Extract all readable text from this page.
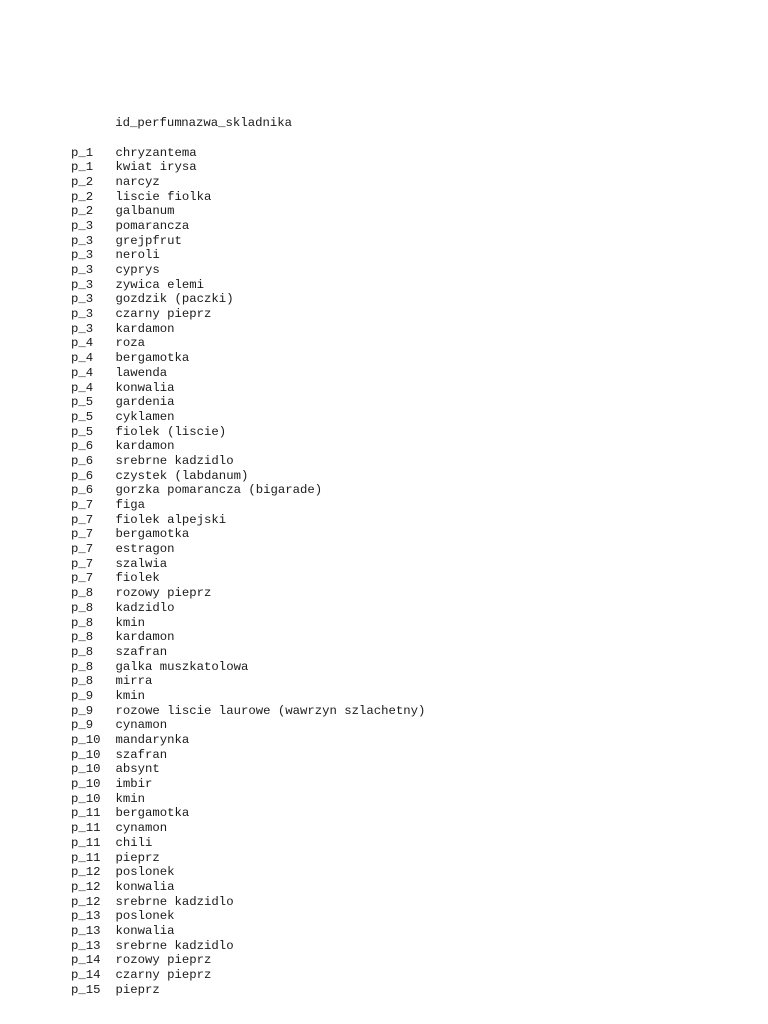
id_perfumnazwa_skladnika

p_1 chryzantema
p_1 kwiat irysa
p_2 narcyz
p_2 liscie fiolka
p_2 galbanum
p_3 pomarancza
p_3 grejpfrut
p_3 neroli
p_3 cyprys
p_3 zywica elemi
p_3 gozdzik (paczki)
p_3 czarny pieprz
p_3 kardamon
p_4 roza
p_4 bergamotka
p_4 lawenda
p_4 konwalia
p_5 gardenia
p_5 cyklamen
p_5 fiolek (liscie)
p_6 kardamon
p_6 srebrne kadzidlo
p_6 czystek (labdanum)
p_6 gorzka pomarancza (bigarade)
p_7 figa
p_7 fiolek alpejski
p_7 bergamotka
p_7 estragon
p_7 szalwia
p_7 fiolek
p_8 rozowy pieprz
p_8 kadzidlo
p_8 kmin
p_8 kardamon
p_8 szafran
p_8 galka muszkatolowa
p_8 mirra
p_9 kmin
p_9 rozowe liscie laurowe (wawrzyn szlachetny)
p_9 cynamon
p_10 mandarynka
p_10 szafran
p_10 absynt
p_10 imbir
p_10 kmin
p_11 bergamotka
p_11 cynamon
p_11 chili
p_11 pieprz
p_12 poslonek
p_12 konwalia
p_12 srebrne kadzidlo
p_13 poslonek
p_13 konwalia
p_13 srebrne kadzidlo
p_14 rozowy pieprz
p_14 czarny pieprz
p_15 pieprz
